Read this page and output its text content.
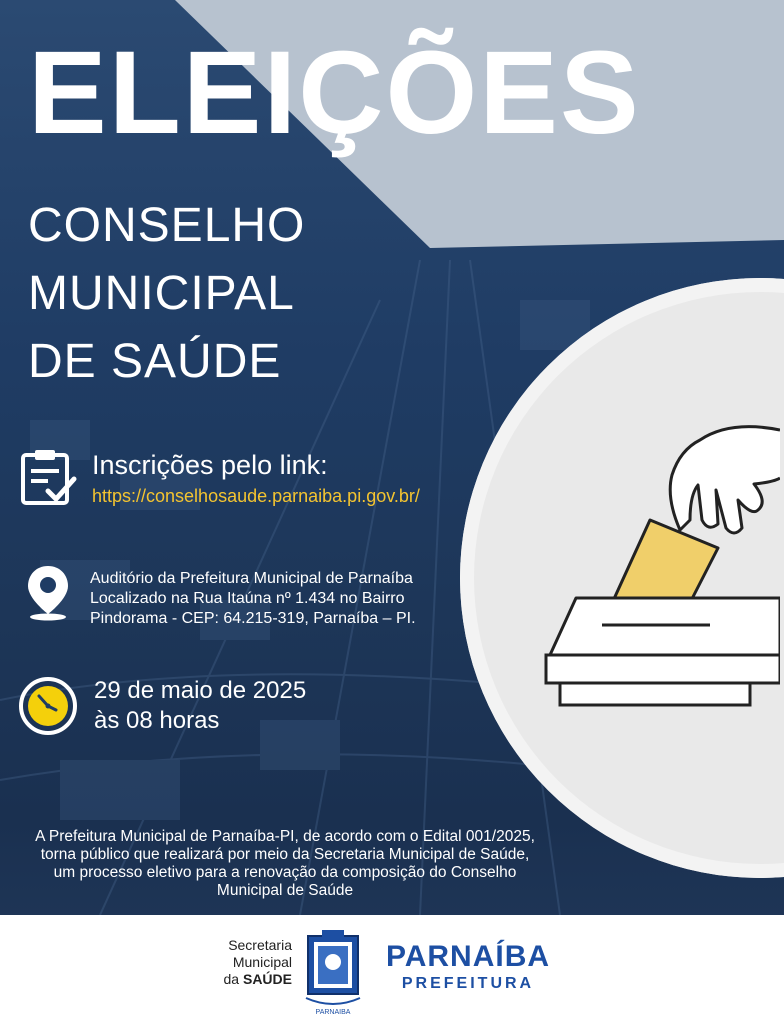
ELEIÇÕES
CONSELHO
MUNICIPAL
DE SAÚDE
Inscrições pelo link:
https://conselhosaude.parnaiba.pi.gov.br/
Auditório da Prefeitura Municipal de Parnaíba
Localizado na Rua Itaúna nº 1.434 no Bairro
Pindorama - CEP: 64.215-319, Parnaíba – PI.
29 de maio de 2025
às 08 horas
A Prefeitura Municipal de Parnaíba-PI, de acordo com o Edital 001/2025,
torna público que realizará por meio da Secretaria Municipal de Saúde,
um processo eletivo para a renovação da composição do Conselho
Municipal de Saúde
Secretaria
Municipal
da SAÚDE
PARNAIBA
PARNAÍBA
PREFEITURA
